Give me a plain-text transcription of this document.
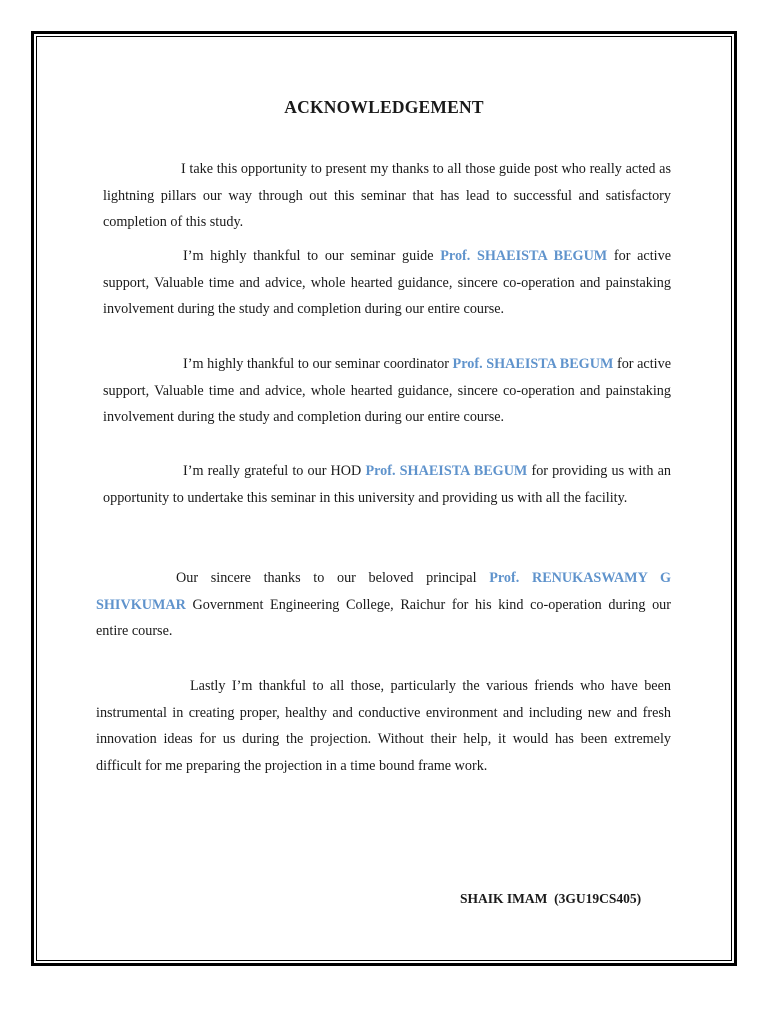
ACKNOWLEDGEMENT

I take this opportunity to present my thanks to all those guide post who really acted as lightning pillars our way through out this seminar that has lead to successful and satisfactory completion of this study.

I’m highly thankful to our seminar guide Prof. SHAEISTA BEGUM for active support, Valuable time and advice, whole hearted guidance, sincere co-operation and painstaking involvement during the study and completion during our entire course.

I’m highly thankful to our seminar coordinator Prof. SHAEISTA BEGUM for active support, Valuable time and advice, whole hearted guidance, sincere co-operation and painstaking involvement during the study and completion during our entire course.

I’m really grateful to our HOD Prof. SHAEISTA BEGUM for providing us with an opportunity to undertake this seminar in this university and providing us with all the facility.

Our sincere thanks to our beloved principal Prof. RENUKASWAMY G SHIVKUMAR Government Engineering College, Raichur for his kind co-operation during our entire course.

Lastly I’m thankful to all those, particularly the various friends who have been instrumental in creating proper, healthy and conductive environment and including new and fresh innovation ideas for us during the projection. Without their help, it would has been extremely difficult for me preparing the projection in a time bound frame work.

SHAIK IMAM  (3GU19CS405)
